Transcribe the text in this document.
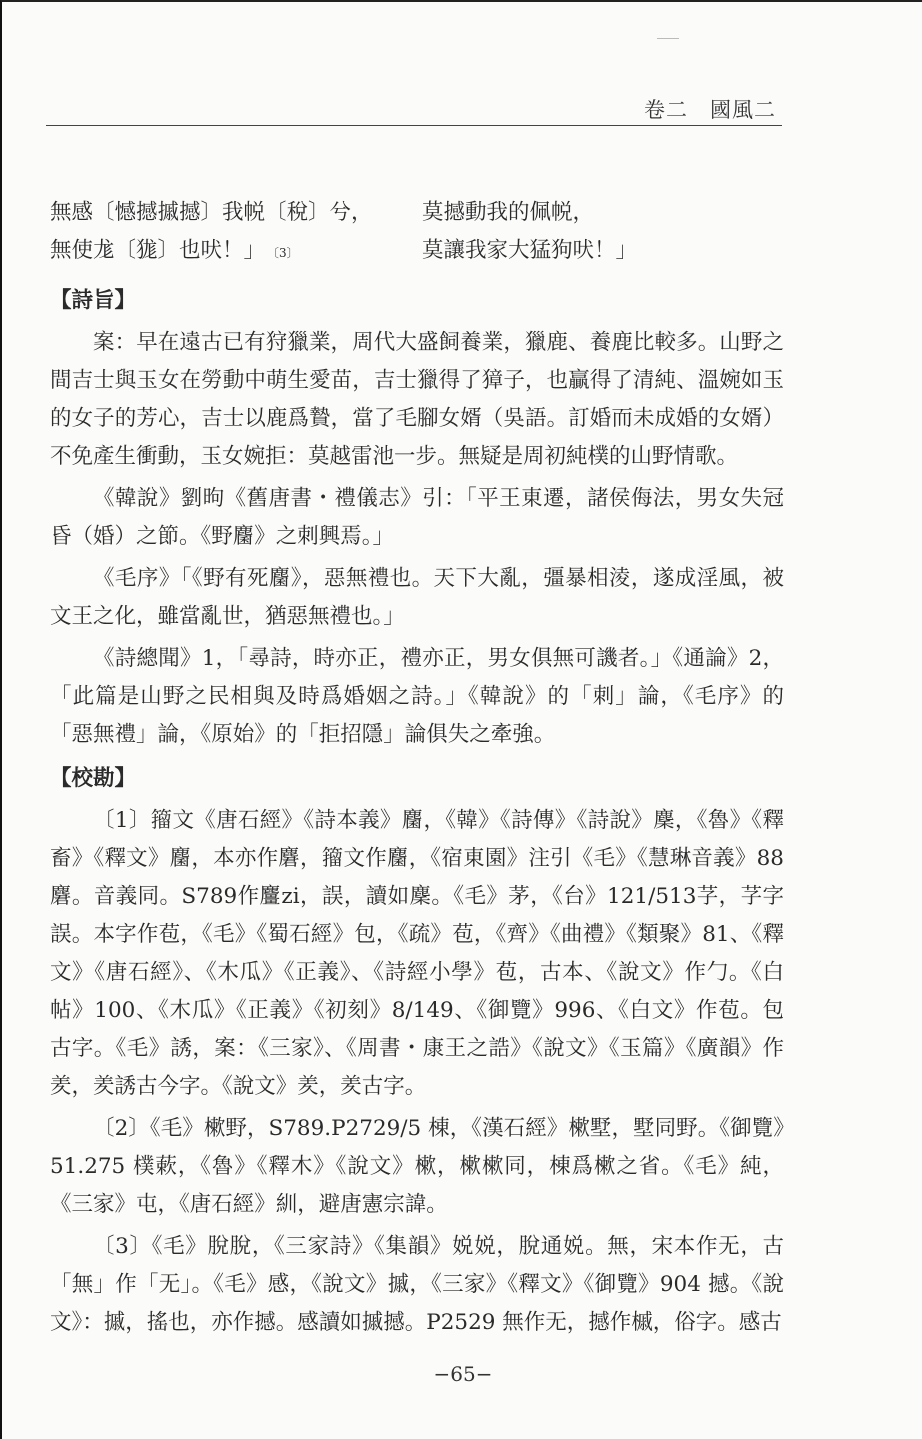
卷二　國風二
無感〔憾撼摵撼〕我帨〔稅〕兮， 莫撼動我的佩帨，
無使尨〔狵〕也吠！」 〔3〕	莫讓我家大猛狗吠！」
【詩旨】

案：早在遠古已有狩獵業，周代大盛飼養業，獵鹿、養鹿比較多。山野之間吉士與玉女在勞動中萌生愛苗，吉士獵得了獐子，也贏得了清純、溫婉如玉的女子的芳心，吉士以鹿爲贄，當了毛腳女婿（吳語。訂婚而未成婚的女婿）不免產生衝動，玉女婉拒：莫越雷池一步。無疑是周初純樸的山野情歌。

《韓說》劉昫《舊唐書・禮儀志》引：「平王東遷，諸侯侮法，男女失冠昏（婚）之節。《野麕》之刺興焉。」

《毛序》「《野有死麕》，惡無禮也。天下大亂，彊暴相淩，遂成淫風，被文王之化，雖當亂世，猶惡無禮也。」

《詩總聞》1，「尋詩，時亦正，禮亦正，男女俱無可譏者。」《通論》2，「此篇是山野之民相與及時爲婚姻之詩。」《韓說》的「刺」論，《毛序》的「惡無禮」論，《原始》的「拒招隱」論俱失之牽強。

【校勘】

〔1〕籀文《唐石經》《詩本義》麕，《韓》《詩傳》《詩說》麇，《魯》《釋畜》《釋文》麕，本亦作麏，籀文作麕，《宿東園》注引《毛》《慧琳音義》88麏。音義同。S789作麠zi，誤，讀如麇。《毛》茅，《台》121/513芓，芓字誤。本字作苞，《毛》《蜀石經》包，《疏》苞，《齊》《曲禮》《類聚》81、《釋文》《唐石經》、《木瓜》《正義》、《詩經小學》苞，古本、《說文》作勹。《白帖》100、《木瓜》《正義》《初刻》8/149、《御覽》996、《白文》作苞。包古字。《毛》誘，案：《三家》、《周書・康王之誥》《說文》《玉篇》《廣韻》作羑，羑誘古今字。《說文》羑，羑古字。

〔2〕《毛》樕野，S789.P2729/5 棟，《漢石經》樕墅，墅同野。《御覽》51.275 樸蔌，《魯》《釋木》《說文》樕，樕樕同，棟爲樕之省。《毛》純，《三家》屯，《唐石經》紃，避唐憲宗諱。

〔3〕《毛》脫脫，《三家詩》《集韻》娧娧，脫通娧。無，宋本作无，古「無」作「无」。《毛》感，《說文》摵，《三家》《釋文》《御覽》904 撼。《說文》：摵，搖也，亦作撼。感讀如摵撼。P2529 無作无，撼作槭，俗字。感古

−65−
